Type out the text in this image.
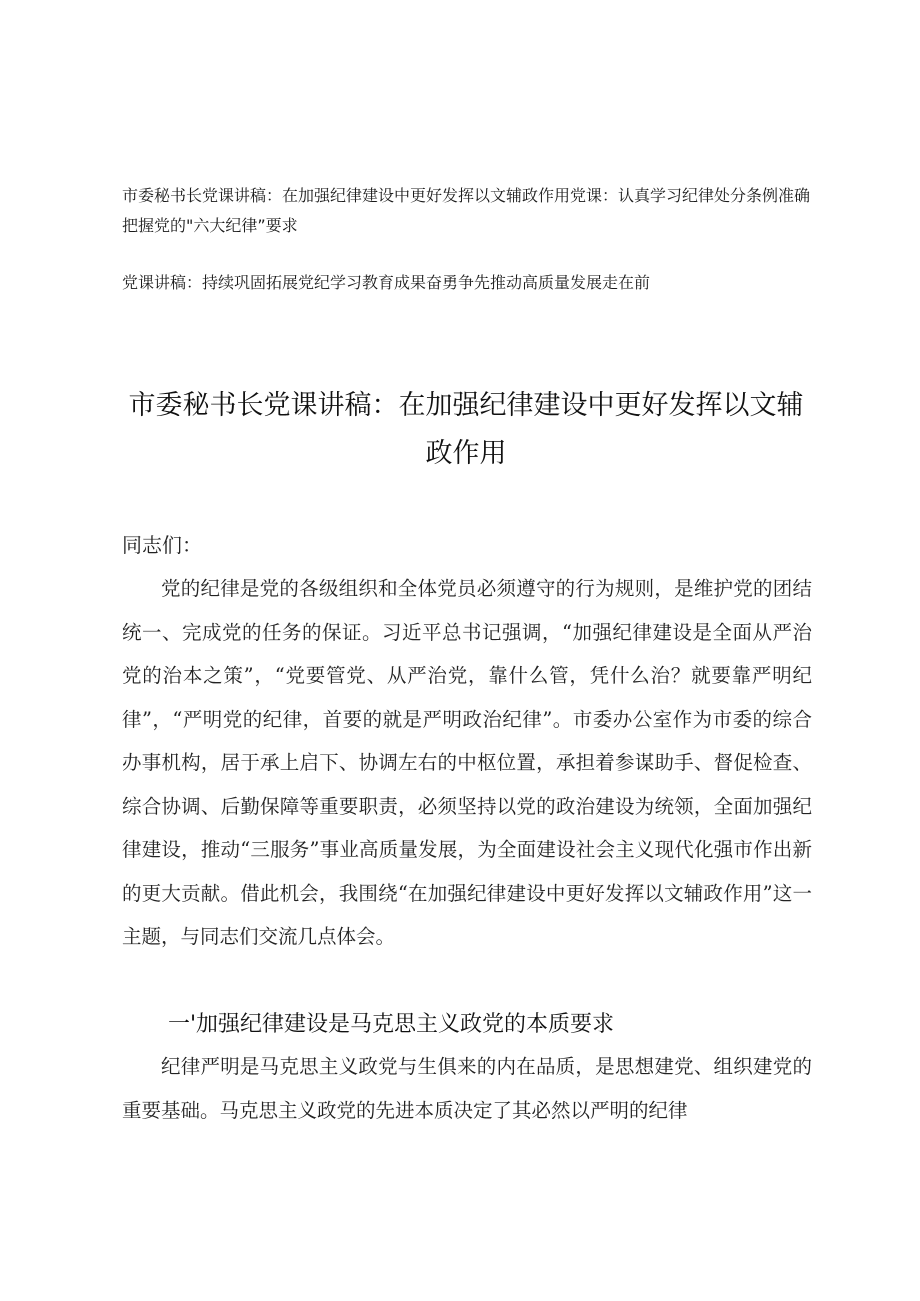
市委秘书长党课讲稿：在加强纪律建设中更好发挥以文辅政作用党课：认真学习纪律处分条例准确把握党的"六大纪律”要求
党课讲稿：持续巩固拓展党纪学习教育成果奋勇争先推动高质量发展走在前
市委秘书长党课讲稿：在加强纪律建设中更好发挥以文辅政作用
同志们：
党的纪律是党的各级组织和全体党员必须遵守的行为规则，是维护党的团结统一、完成党的任务的保证。习近平总书记强调，“加强纪律建设是全面从严治党的治本之策”，“党要管党、从严治党，靠什么管，凭什么治？就要靠严明纪律”，“严明党的纪律，首要的就是严明政治纪律”。市委办公室作为市委的综合办事机构，居于承上启下、协调左右的中枢位置，承担着参谋助手、督促检查、综合协调、后勤保障等重要职责，必须坚持以党的政治建设为统领，全面加强纪律建设，推动“三服务”事业高质量发展，为全面建设社会主义现代化强市作出新的更大贡献。借此机会，我围绕“在加强纪律建设中更好发挥以文辅政作用”这一主题，与同志们交流几点体会。
一'加强纪律建设是马克思主义政党的本质要求
纪律严明是马克思主义政党与生俱来的内在品质，是思想建党、组织建党的重要基础。马克思主义政党的先进本质决定了其必然以严明的纪律
